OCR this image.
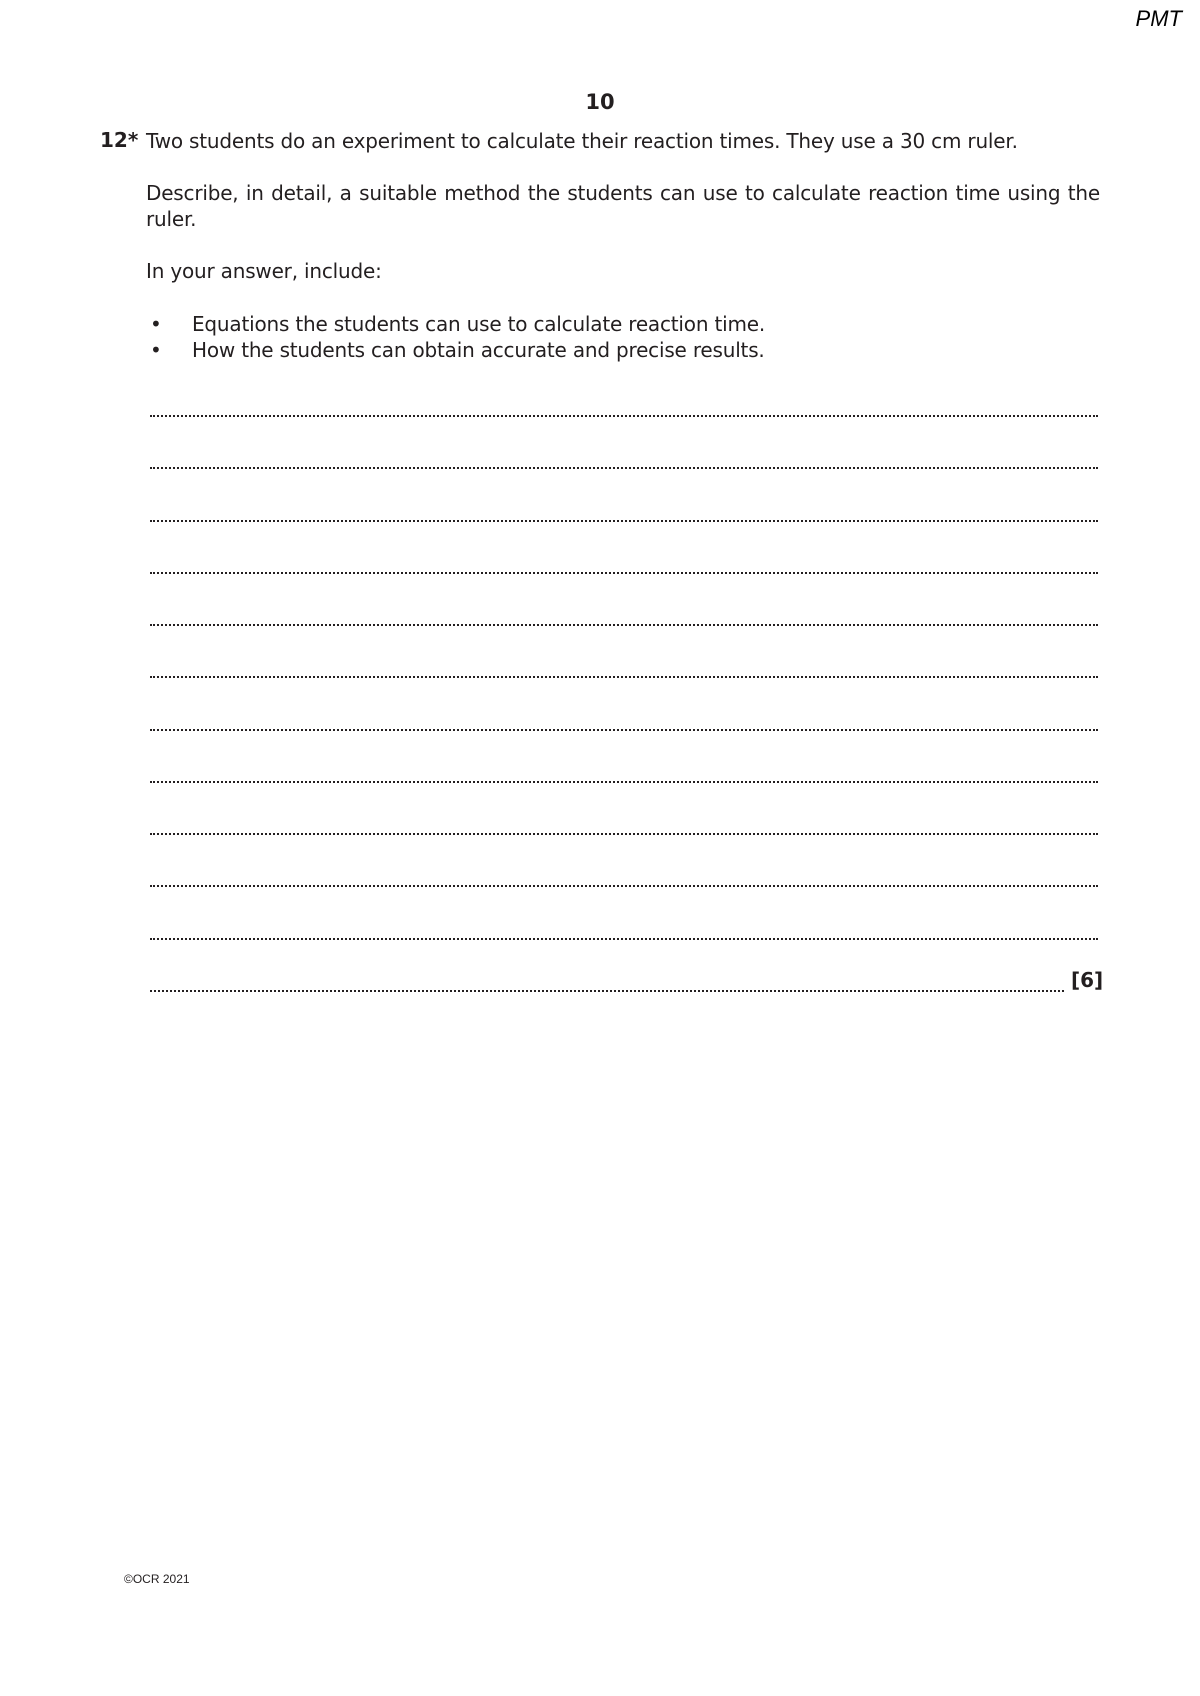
PMT
10
12* Two students do an experiment to calculate their reaction times. They use a 30 cm ruler.
Describe, in detail, a suitable method the students can use to calculate reaction time using the ruler.
In your answer, include:
• Equations the students can use to calculate reaction time.
• How the students can obtain accurate and precise results.
[6]
©OCR 2021
